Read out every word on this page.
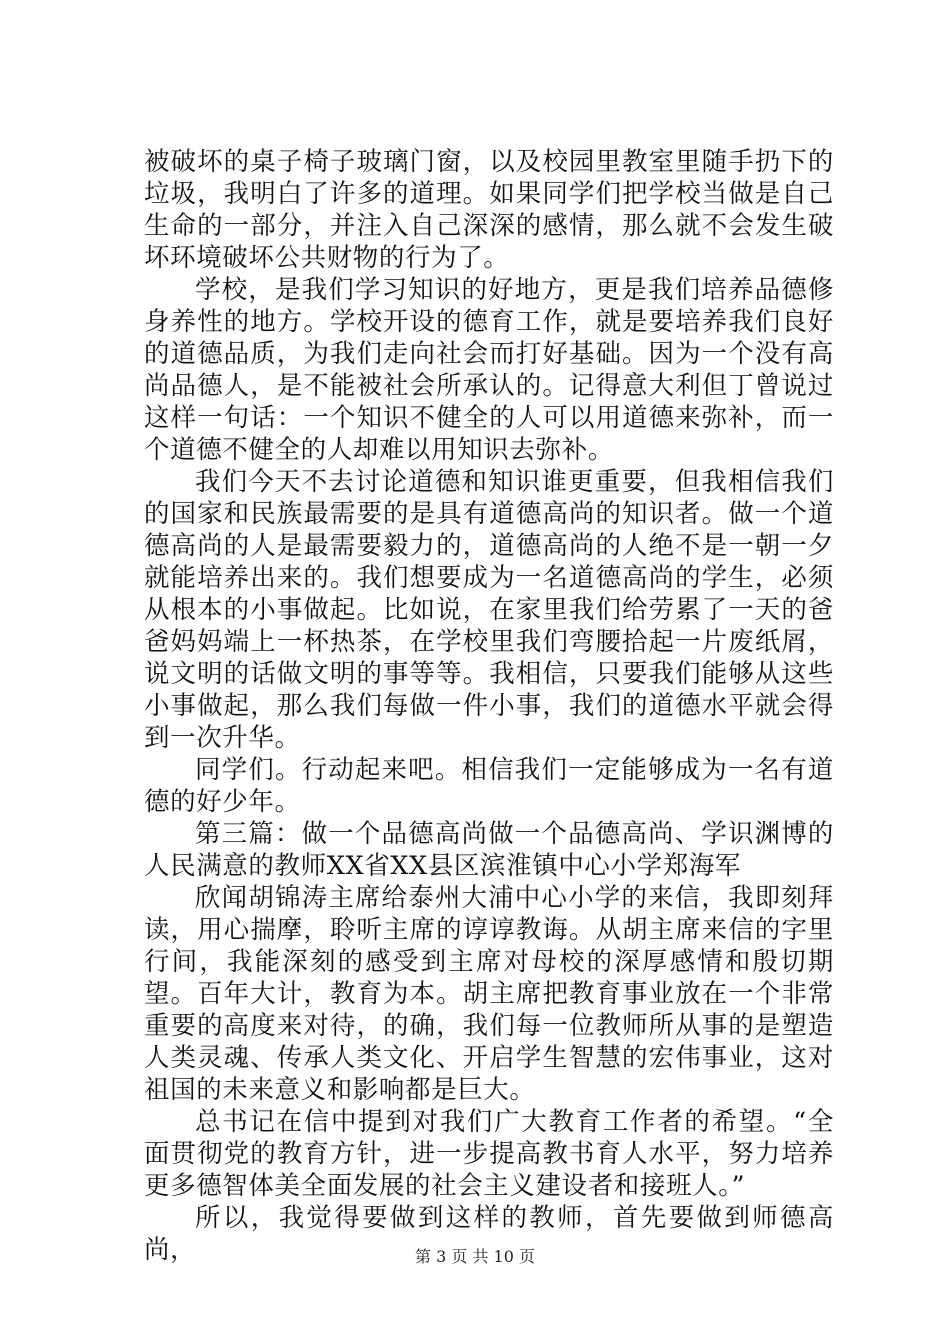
被破坏的桌子椅子玻璃门窗，以及校园里教室里随手扔下的垃圾，我明白了许多的道理。如果同学们把学校当做是自己生命的一部分，并注入自己深深的感情，那么就不会发生破坏环境破坏公共财物的行为了。

学校，是我们学习知识的好地方，更是我们培养品德修身养性的地方。学校开设的德育工作，就是要培养我们良好的道德品质，为我们走向社会而打好基础。因为一个没有高尚品德人，是不能被社会所承认的。记得意大利但丁曾说过这样一句话：一个知识不健全的人可以用道德来弥补，而一个道德不健全的人却难以用知识去弥补。

我们今天不去讨论道德和知识谁更重要，但我相信我们的国家和民族最需要的是具有道德高尚的知识者。做一个道德高尚的人是最需要毅力的，道德高尚的人绝不是一朝一夕就能培养出来的。我们想要成为一名道德高尚的学生，必须从根本的小事做起。比如说，在家里我们给劳累了一天的爸爸妈妈端上一杯热茶，在学校里我们弯腰拾起一片废纸屑，说文明的话做文明的事等等。我相信，只要我们能够从这些小事做起，那么我们每做一件小事，我们的道德水平就会得到一次升华。

同学们。行动起来吧。相信我们一定能够成为一名有道德的好少年。

第三篇：做一个品德高尚做一个品德高尚、学识渊博的人民满意的教师XX省XX县区滨淮镇中心小学郑海军

欣闻胡锦涛主席给泰州大浦中心小学的来信，我即刻拜读，用心揣摩，聆听主席的谆谆教诲。从胡主席来信的字里行间，我能深刻的感受到主席对母校的深厚感情和殷切期望。百年大计，教育为本。胡主席把教育事业放在一个非常重要的高度来对待，的确，我们每一位教师所从事的是塑造人类灵魂、传承人类文化、开启学生智慧的宏伟事业，这对祖国的未来意义和影响都是巨大。

总书记在信中提到对我们广大教育工作者的希望。“全面贯彻党的教育方针，进一步提高教书育人水平，努力培养更多德智体美全面发展的社会主义建设者和接班人。”

所以，我觉得要做到这样的教师，首先要做到师德高尚，	第 3 页 共 10 页
